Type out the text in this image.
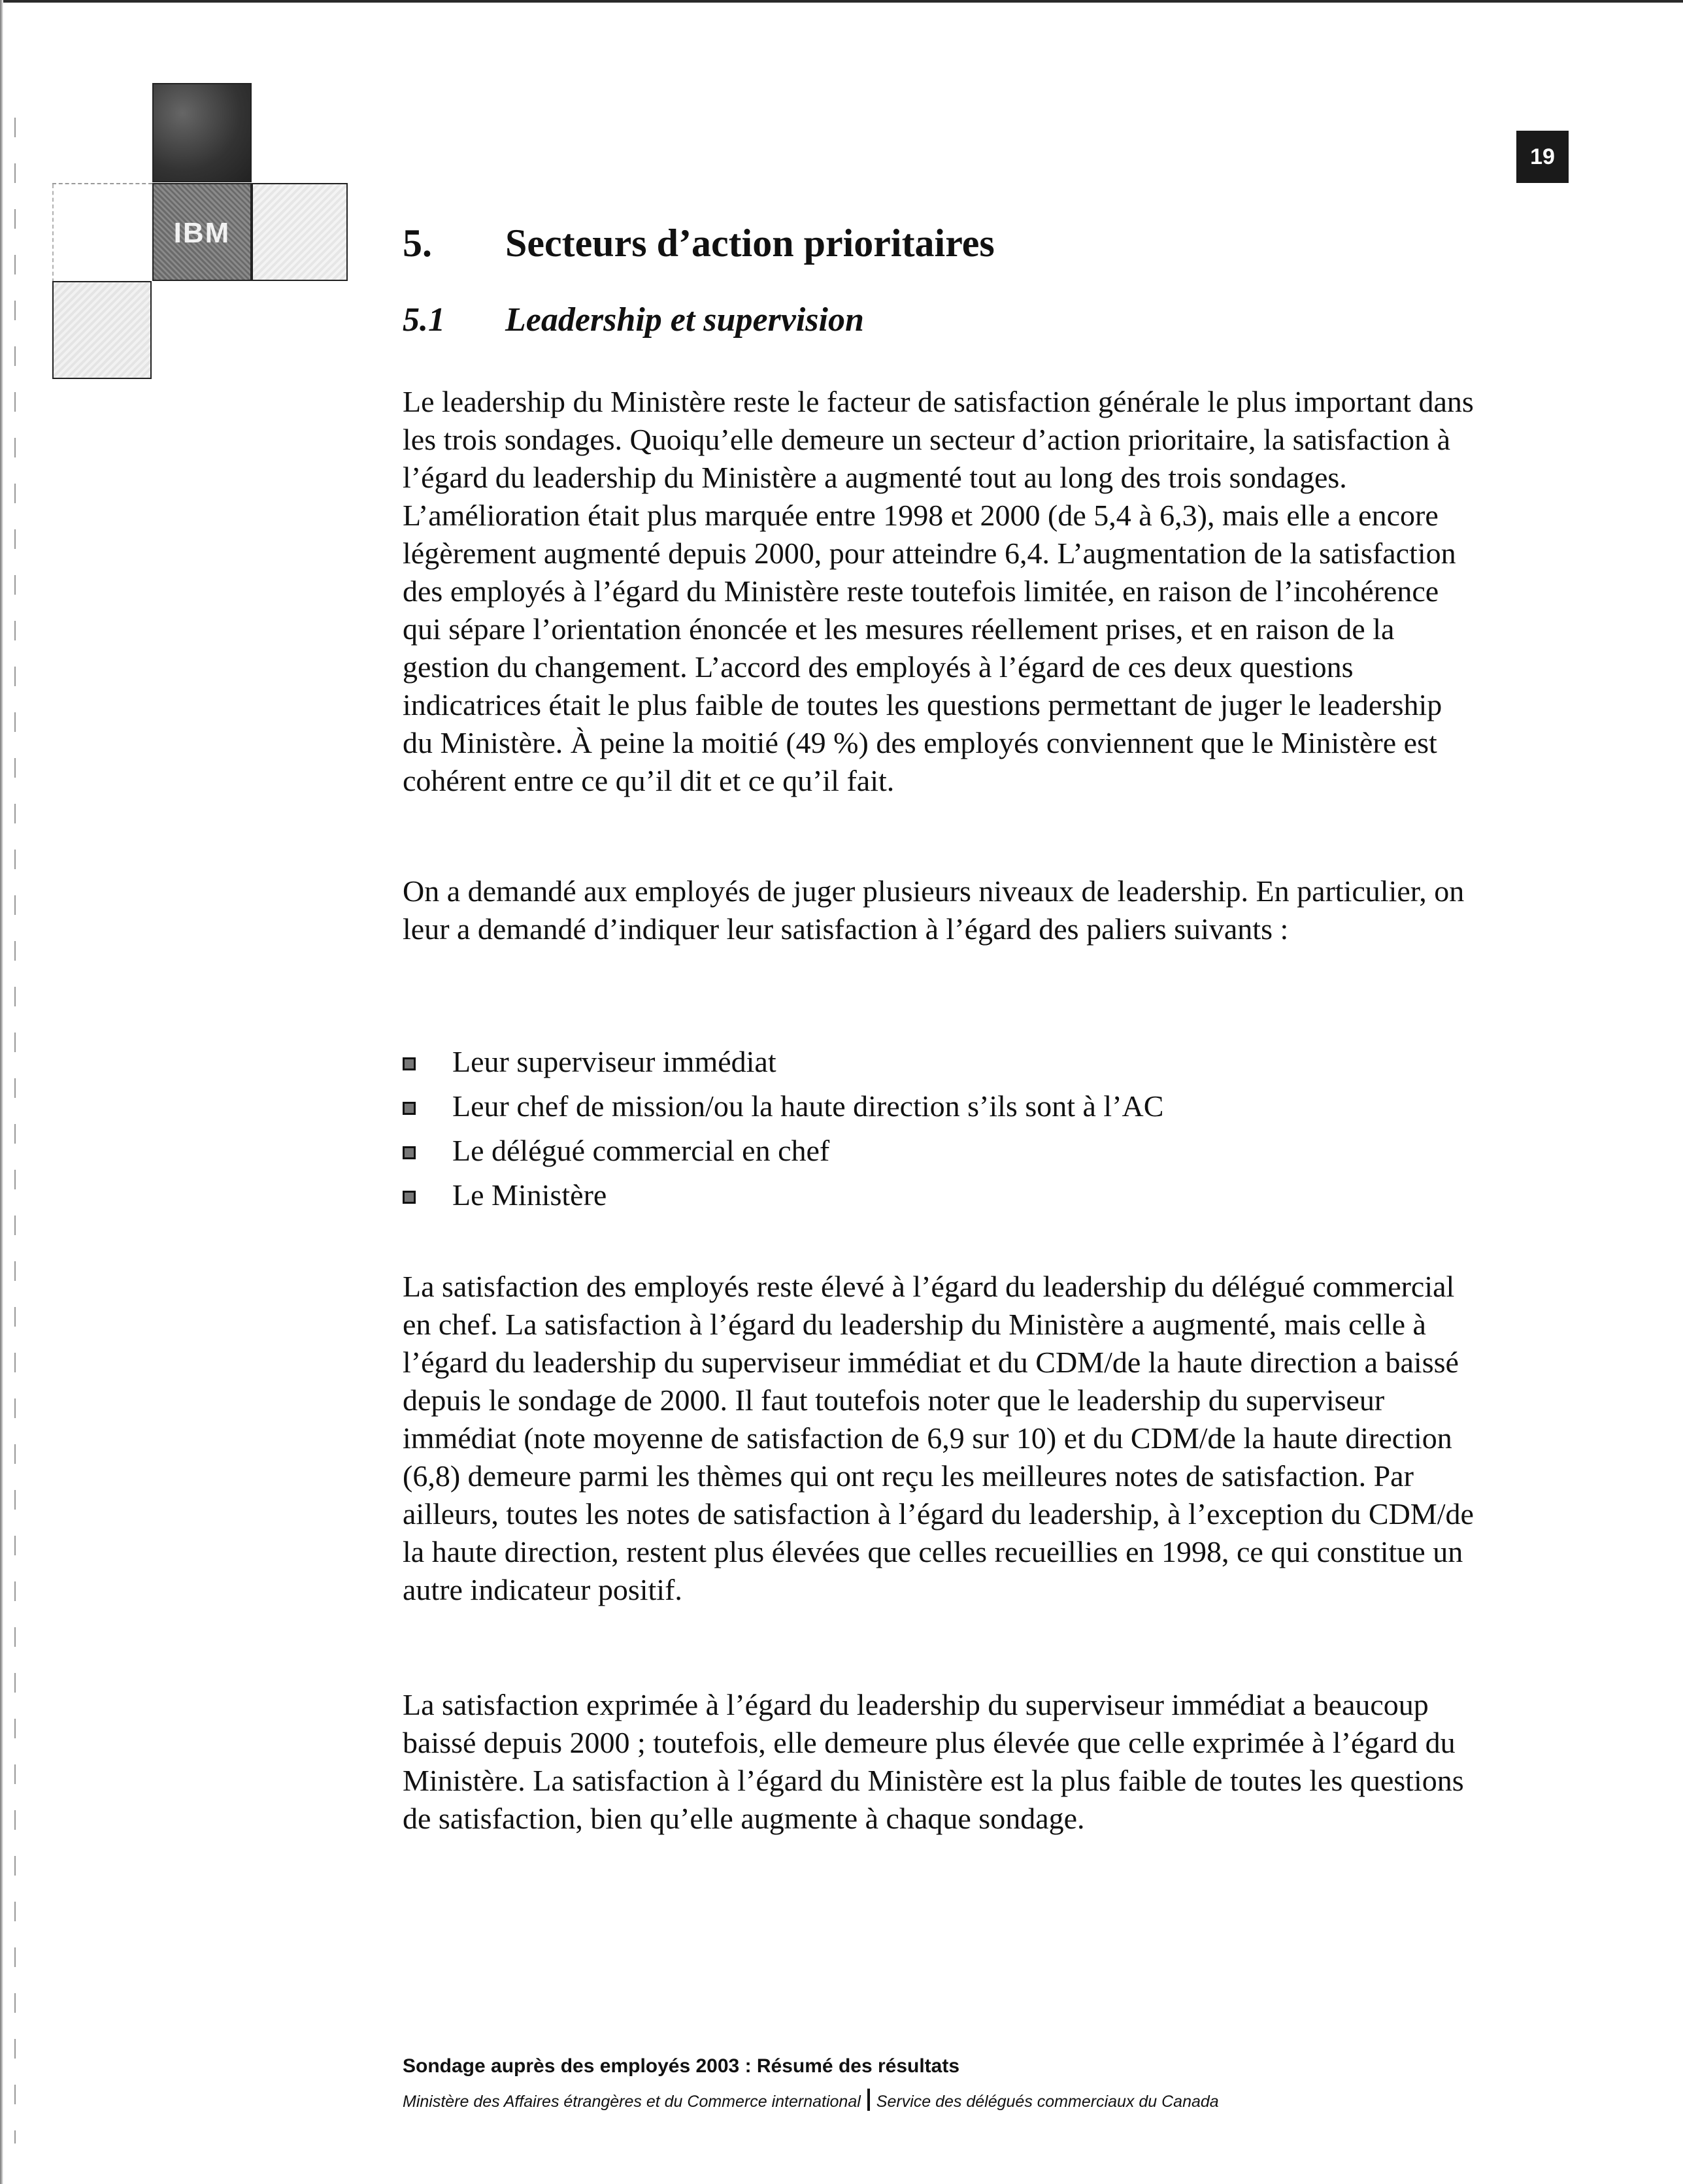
IBM
19
5. Secteurs d’action prioritaires
5.1 Leadership et supervision

Le leadership du Ministère reste le facteur de satisfaction générale le plus important dans les trois sondages. Quoiqu’elle demeure un secteur d’action prioritaire, la satisfaction à l’égard du leadership du Ministère a augmenté tout au long des trois sondages. L’amélioration était plus marquée entre 1998 et 2000 (de 5,4 à 6,3), mais elle a encore légèrement augmenté depuis 2000, pour atteindre 6,4. L’augmentation de la satisfaction des employés à l’égard du Ministère reste toutefois limitée, en raison de l’incohérence qui sépare l’orientation énoncée et les mesures réellement prises, et en raison de la gestion du changement. L’accord des employés à l’égard de ces deux questions indicatrices était le plus faible de toutes les questions permettant de juger le leadership du Ministère. À peine la moitié (49 %) des employés conviennent que le Ministère est cohérent entre ce qu’il dit et ce qu’il fait.

On a demandé aux employés de juger plusieurs niveaux de leadership. En particulier, on leur a demandé d’indiquer leur satisfaction à l’égard des paliers suivants :

Leur superviseur immédiat
Leur chef de mission/ou la haute direction s’ils sont à l’AC
Le délégué commercial en chef
Le Ministère

La satisfaction des employés reste élevé à l’égard du leadership du délégué commercial en chef. La satisfaction à l’égard du leadership du Ministère a augmenté, mais celle à l’égard du leadership du superviseur immédiat et du CDM/de la haute direction a baissé depuis le sondage de 2000. Il faut toutefois noter que le leadership du superviseur immédiat (note moyenne de satisfaction de 6,9 sur 10) et du CDM/de la haute direction (6,8) demeure parmi les thèmes qui ont reçu les meilleures notes de satisfaction. Par ailleurs, toutes les notes de satisfaction à l’égard du leadership, à l’exception du CDM/de la haute direction, restent plus élevées que celles recueillies en 1998, ce qui constitue un autre indicateur positif.

La satisfaction exprimée à l’égard du leadership du superviseur immédiat a beaucoup baissé depuis 2000 ; toutefois, elle demeure plus élevée que celle exprimée à l’égard du Ministère. La satisfaction à l’égard du Ministère est la plus faible de toutes les questions de satisfaction, bien qu’elle augmente à chaque sondage.

Sondage auprès des employés 2003 : Résumé des résultats
Ministère des Affaires étrangères et du Commerce international Service des délégués commerciaux du Canada
